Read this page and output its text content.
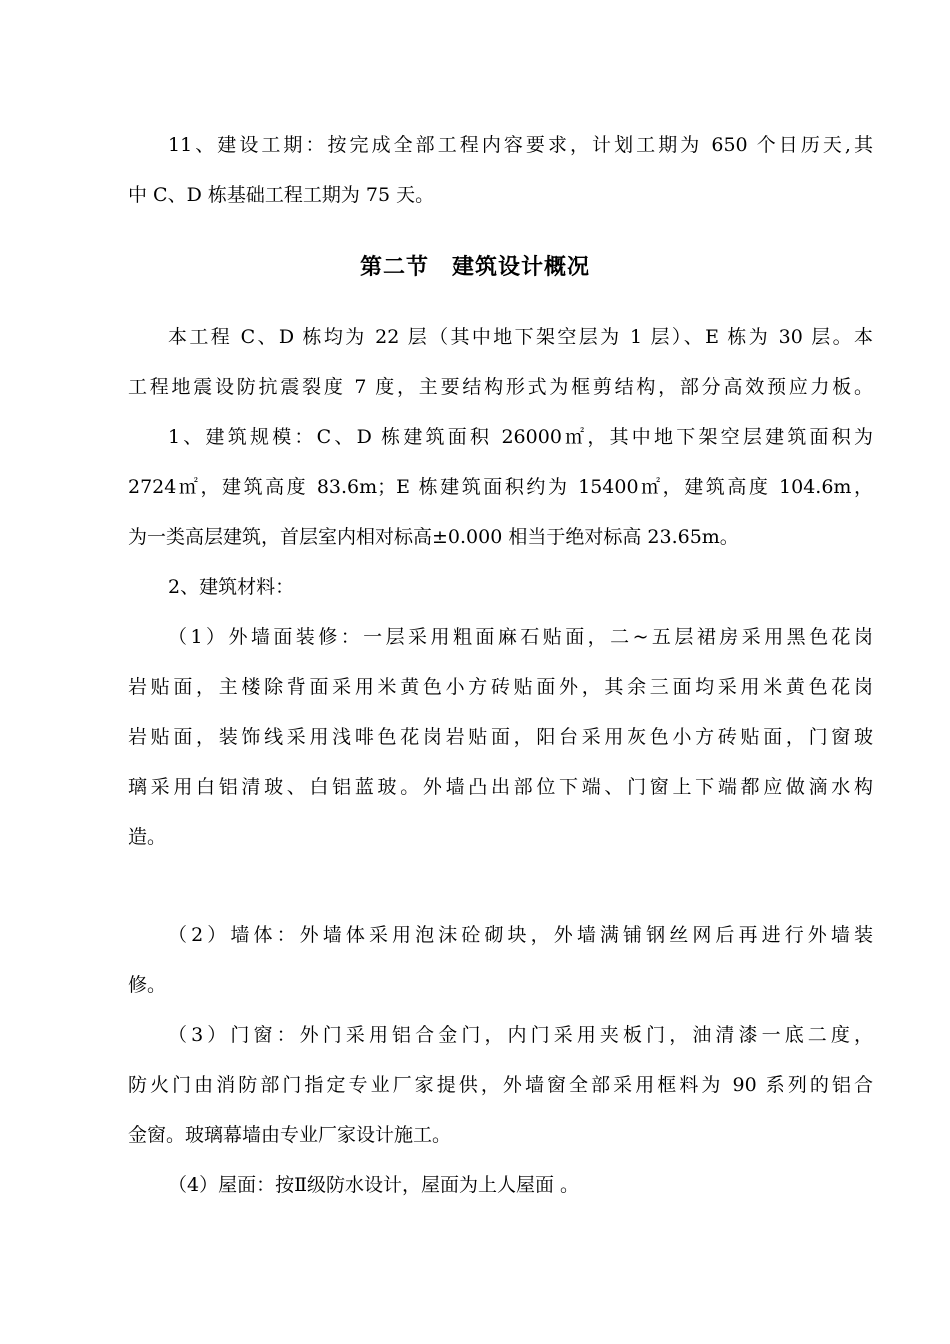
11、建设工期：按完成全部工程内容要求，计划工期为 650 个日历天,其
中 C、D 栋基础工程工期为 75 天。
第二节　建筑设计概况
本工程 C、D 栋均为 22 层（其中地下架空层为 1 层）、E 栋为 30 层。本
工程地震设防抗震裂度 7 度，主要结构形式为框剪结构，部分高效预应力板。
1、建筑规模：C、D 栋建筑面积 26000㎡，其中地下架空层建筑面积为
2724㎡，建筑高度 83.6m；E 栋建筑面积约为 15400㎡，建筑高度 104.6m，
为一类高层建筑，首层室内相对标高±0.000 相当于绝对标高 23.65m。
2、建筑材料：
（1）外墙面装修：一层采用粗面麻石贴面，二~五层裙房采用黑色花岗
岩贴面，主楼除背面采用米黄色小方砖贴面外，其余三面均采用米黄色花岗
岩贴面，装饰线采用浅啡色花岗岩贴面，阳台采用灰色小方砖贴面，门窗玻
璃采用白铝清玻、白铝蓝玻。外墙凸出部位下端、门窗上下端都应做滴水构
造。
（2）墙体：外墙体采用泡沫砼砌块，外墙满铺钢丝网后再进行外墙装
修。
（3）门窗：外门采用铝合金门，内门采用夹板门，油清漆一底二度，
防火门由消防部门指定专业厂家提供，外墙窗全部采用框料为 90 系列的铝合
金窗。玻璃幕墙由专业厂家设计施工。
（4）屋面：按Ⅱ级防水设计，屋面为上人屋面 。
